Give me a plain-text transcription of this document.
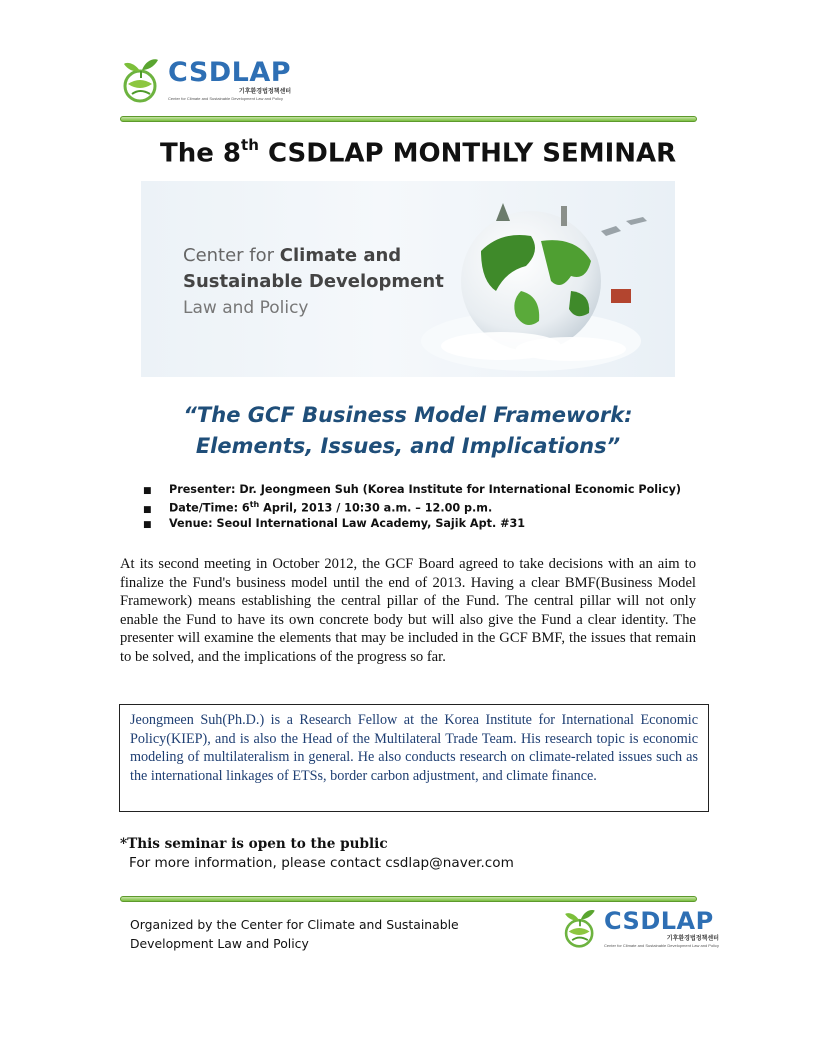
CSDLAP
기후환경법정책센터
Center for Climate and Sustainable Development Law and Policy
The 8th CSDLAP MONTHLY SEMINAR
Center for Climate and
Sustainable Development
Law and Policy
“The GCF Business Model Framework:
Elements, Issues, and Implications”
■	Presenter: Dr. Jeongmeen Suh (Korea Institute for International Economic Policy)
■	Date/Time: 6th April, 2013 / 10:30 a.m. – 12.00 p.m.
■	Venue: Seoul International Law Academy, Sajik Apt. #31
At its second meeting in October 2012, the GCF Board agreed to take decisions with an aim to finalize the Fund's business model until the end of 2013. Having a clear BMF(Business Model Framework) means establishing the central pillar of the Fund. The central pillar will not only enable the Fund to have its own concrete body but will also give the Fund a clear identity. The presenter will examine the elements that may be included in the GCF BMF, the issues that remain to be solved, and the implications of the progress so far.
Jeongmeen Suh(Ph.D.) is a Research Fellow at the Korea Institute for International Economic Policy(KIEP), and is also the Head of the Multilateral Trade Team. His research topic is economic modeling of multilateralism in general. He also conducts research on climate-related issues such as the international linkages of ETSs, border carbon adjustment, and climate finance.
*This seminar is open to the public
For more information, please contact csdlap@naver.com
Organized by the Center for Climate and Sustainable
Development Law and Policy
CSDLAP
기후환경법정책센터
Center for Climate and Sustainable Development Law and Policy
